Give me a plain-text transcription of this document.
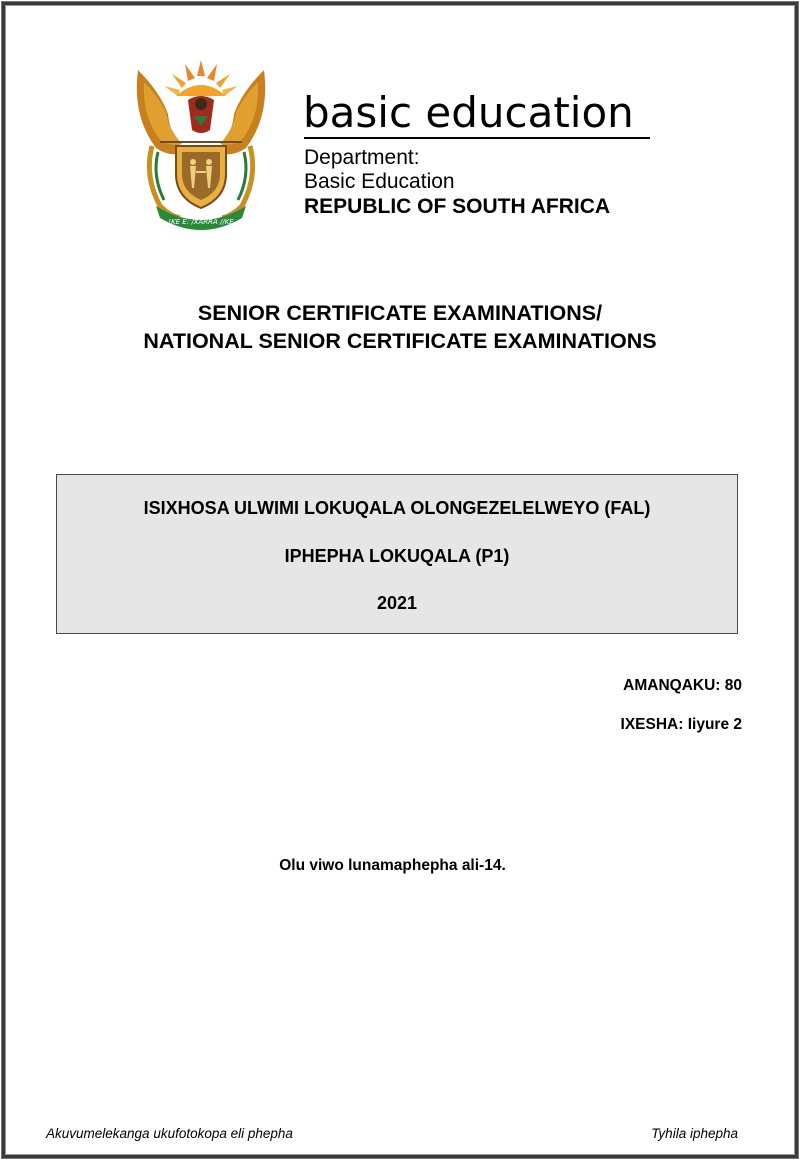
!KE E: /XARRA //KE
basic education
Department:
Basic Education
REPUBLIC OF SOUTH AFRICA
SENIOR CERTIFICATE EXAMINATIONS/
NATIONAL SENIOR CERTIFICATE EXAMINATIONS
ISIXHOSA ULWIMI LOKUQALA OLONGEZELELWEYO (FAL)
IPHEPHA LOKUQALA (P1)
2021
AMANQAKU: 80
IXESHA: Iiyure 2
Olu viwo lunamaphepha ali-14.
Akuvumelekanga ukufotokopa eli phepha	Tyhila iphepha
